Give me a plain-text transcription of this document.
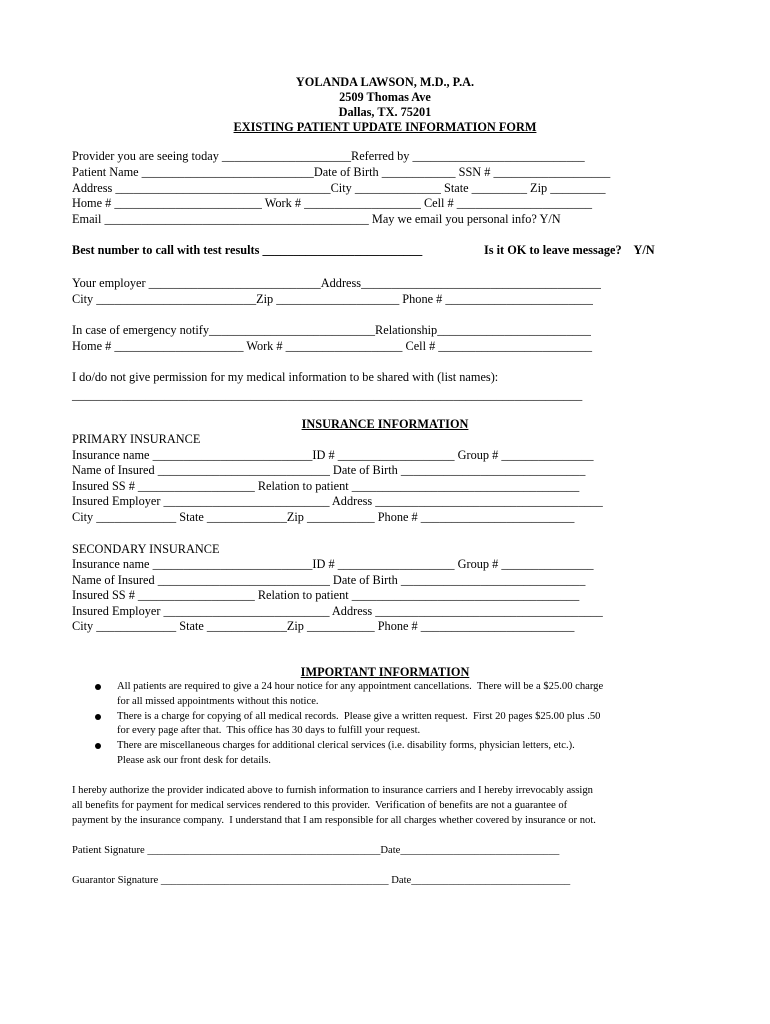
YOLANDA LAWSON, M.D., P.A.
2509 Thomas Ave
Dallas, TX. 75201
EXISTING PATIENT UPDATE INFORMATION FORM
Provider you are seeing today _____________________Referred by ____________________________
Patient Name ____________________________Date of Birth ____________ SSN # ___________________
Address ___________________________________City ______________ State _________ Zip _________
Home # ________________________ Work # ___________________ Cell # ______________________
Email ___________________________________________ May we email you personal info? Y/N
Best number to call with test results __________________________	Is it OK to leave message?    Y/N
Your employer ____________________________Address_______________________________________
City __________________________Zip ____________________ Phone # ________________________
In case of emergency notify___________________________Relationship_________________________
Home # _____________________ Work # ___________________ Cell # _________________________
I do/do not give permission for my medical information to be shared with (list names):
___________________________________________________________________________________
INSURANCE INFORMATION
PRIMARY INSURANCE
Insurance name __________________________ID # ___________________ Group # _______________
Name of Insured ____________________________ Date of Birth ______________________________
Insured SS # ___________________ Relation to patient _____________________________________
Insured Employer ___________________________ Address _____________________________________
City _____________ State _____________Zip ___________ Phone # _________________________
SECONDARY INSURANCE
Insurance name __________________________ID # ___________________ Group # _______________
Name of Insured ____________________________ Date of Birth ______________________________
Insured SS # ___________________ Relation to patient _____________________________________
Insured Employer ___________________________ Address _____________________________________
City _____________ State _____________Zip ___________ Phone # _________________________
IMPORTANT INFORMATION
All patients are required to give a 24 hour notice for any appointment cancellations.  There will be a $25.00 charge
for all missed appointments without this notice.
There is a charge for copying of all medical records.  Please give a written request.  First 20 pages $25.00 plus .50
for every page after that.  This office has 30 days to fulfill your request.
There are miscellaneous charges for additional clerical services (i.e. disability forms, physician letters, etc.).
Please ask our front desk for details.
I hereby authorize the provider indicated above to furnish information to insurance carriers and I hereby irrevocably assign
all benefits for payment for medical services rendered to this provider.  Verification of benefits are not a guarantee of
payment by the insurance company.  I understand that I am responsible for all charges whether covered by insurance or not.
Patient Signature ____________________________________________Date______________________________
Guarantor Signature ___________________________________________ Date______________________________
